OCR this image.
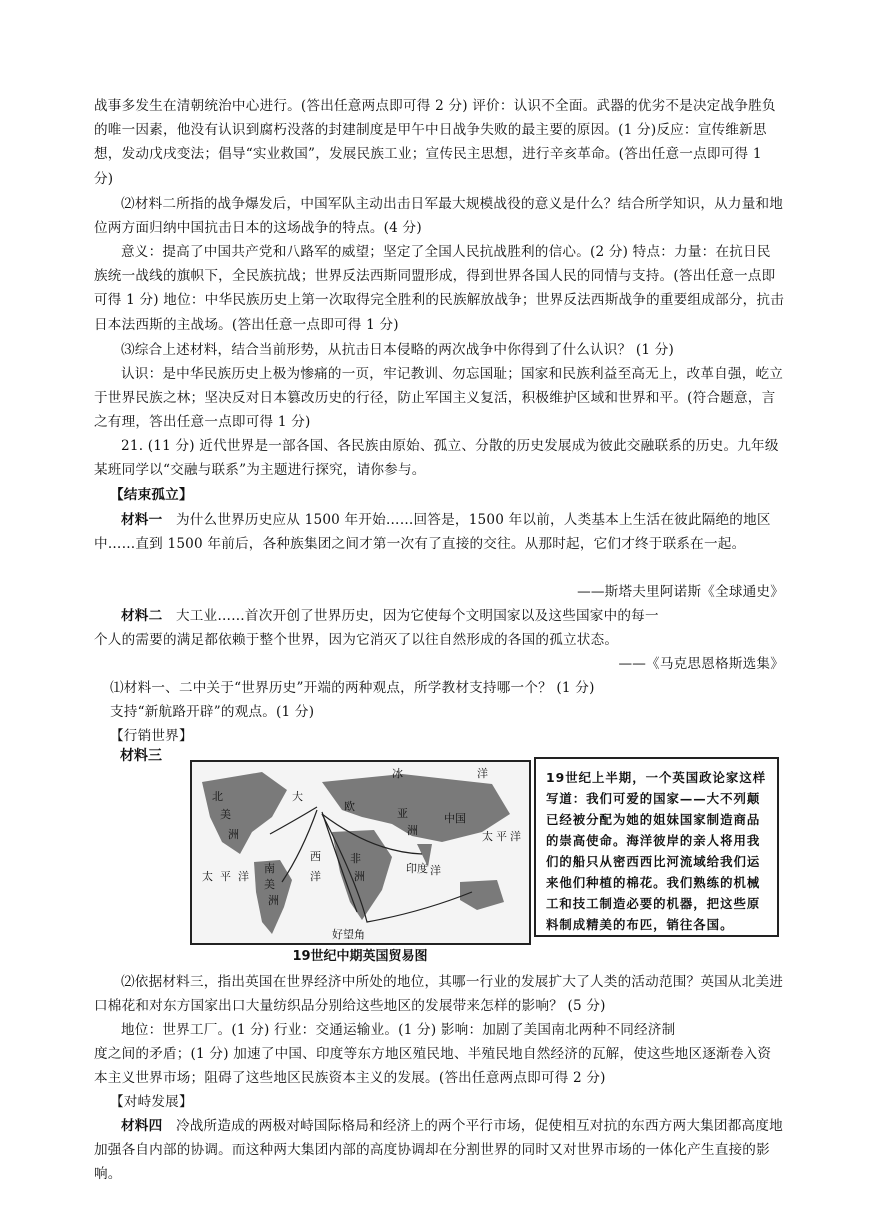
战事多发生在清朝统治中心进行。(答出任意两点即可得 2 分) 评价：认识不全面。武器的优劣不是决定战争胜负的唯一因素，他没有认识到腐朽没落的封建制度是甲午中日战争失败的最主要的原因。(1 分)反应：宣传维新思想，发动戊戌变法；倡导“实业救国”，发展民族工业；宣传民主思想，进行辛亥革命。(答出任意一点即可得 1 分)

⑵材料二所指的战争爆发后，中国军队主动出击日军最大规模战役的意义是什么？结合所学知识，从力量和地位两方面归纳中国抗击日本的这场战争的特点。(4 分)

意义：提高了中国共产党和八路军的威望；坚定了全国人民抗战胜利的信心。(2 分) 特点：力量：在抗日民族统一战线的旗帜下，全民族抗战；世界反法西斯同盟形成，得到世界各国人民的同情与支持。(答出任意一点即可得 1 分) 地位：中华民族历史上第一次取得完全胜利的民族解放战争；世界反法西斯战争的重要组成部分，抗击日本法西斯的主战场。(答出任意一点即可得 1 分)

⑶综合上述材料，结合当前形势，从抗击日本侵略的两次战争中你得到了什么认识？ (1 分)

认识：是中华民族历史上极为惨痛的一页，牢记教训、勿忘国耻；国家和民族利益至高无上，改革自强，屹立于世界民族之林；坚决反对日本篡改历史的行径，防止军国主义复活，积极维护区域和世界和平。(符合题意，言之有理，答出任意一点即可得 1 分)

21. (11 分) 近代世界是一部各国、各民族由原始、孤立、分散的历史发展成为彼此交融联系的历史。九年级某班同学以“交融与联系”为主题进行探究，请你参与。

【结束孤立】

材料一 为什么世界历史应从 1500 年开始……回答是，1500 年以前，人类基本上生活在彼此隔绝的地区中……直到 1500 年前后，各种族集团之间才第一次有了直接的交往。从那时起，它们才终于联系在一起。

——斯塔夫里阿诺斯《全球通史》

材料二 大工业……首次开创了世界历史，因为它使每个文明国家以及这些国家中的每一

个人的需要的满足都依赖于整个世界，因为它消灭了以往自然形成的各国的孤立状态。

——《马克思恩格斯选集》

⑴材料一、二中关于“世界历史”开端的两种观点，所学教材支持哪一个？ (1 分)

支持“新航路开辟”的观点。(1 分)

【行销世界】

材料三
北
美
洲
大
西
洋
亚
洲
欧
非
洲
印度 洋
冰	洋
太 平 洋
南
美
洲
太 平 洋
好望角
中国
19世纪上半期，一个英国政论家这样写道：我们可爱的国家——大不列颠已经被分配为她的姐妹国家制造商品的崇高使命。海洋彼岸的亲人将用我们的船只从密西西比河流域给我们运来他们种植的棉花。我们熟练的机械工和技工制造必要的机器，把这些原料制成精美的布匹，销往各国。
19世纪中期英国贸易图

⑵依据材料三，指出英国在世界经济中所处的地位，其哪一行业的发展扩大了人类的活动范围？英国从北美进口棉花和对东方国家出口大量纺织品分别给这些地区的发展带来怎样的影响？ (5 分)

地位：世界工厂。(1 分) 行业：交通运输业。(1 分) 影响：加剧了美国南北两种不同经济制

度之间的矛盾；(1 分) 加速了中国、印度等东方地区殖民地、半殖民地自然经济的瓦解，使这些地区逐渐卷入资本主义世界市场；阻碍了这些地区民族资本主义的发展。(答出任意两点即可得 2 分)

【对峙发展】

材料四 冷战所造成的两极对峙国际格局和经济上的两个平行市场，促使相互对抗的东西方两大集团都高度地加强各自内部的协调。而这种两大集团内部的高度协调却在分割世界的同时又对世界市场的一体化产生直接的影响。
